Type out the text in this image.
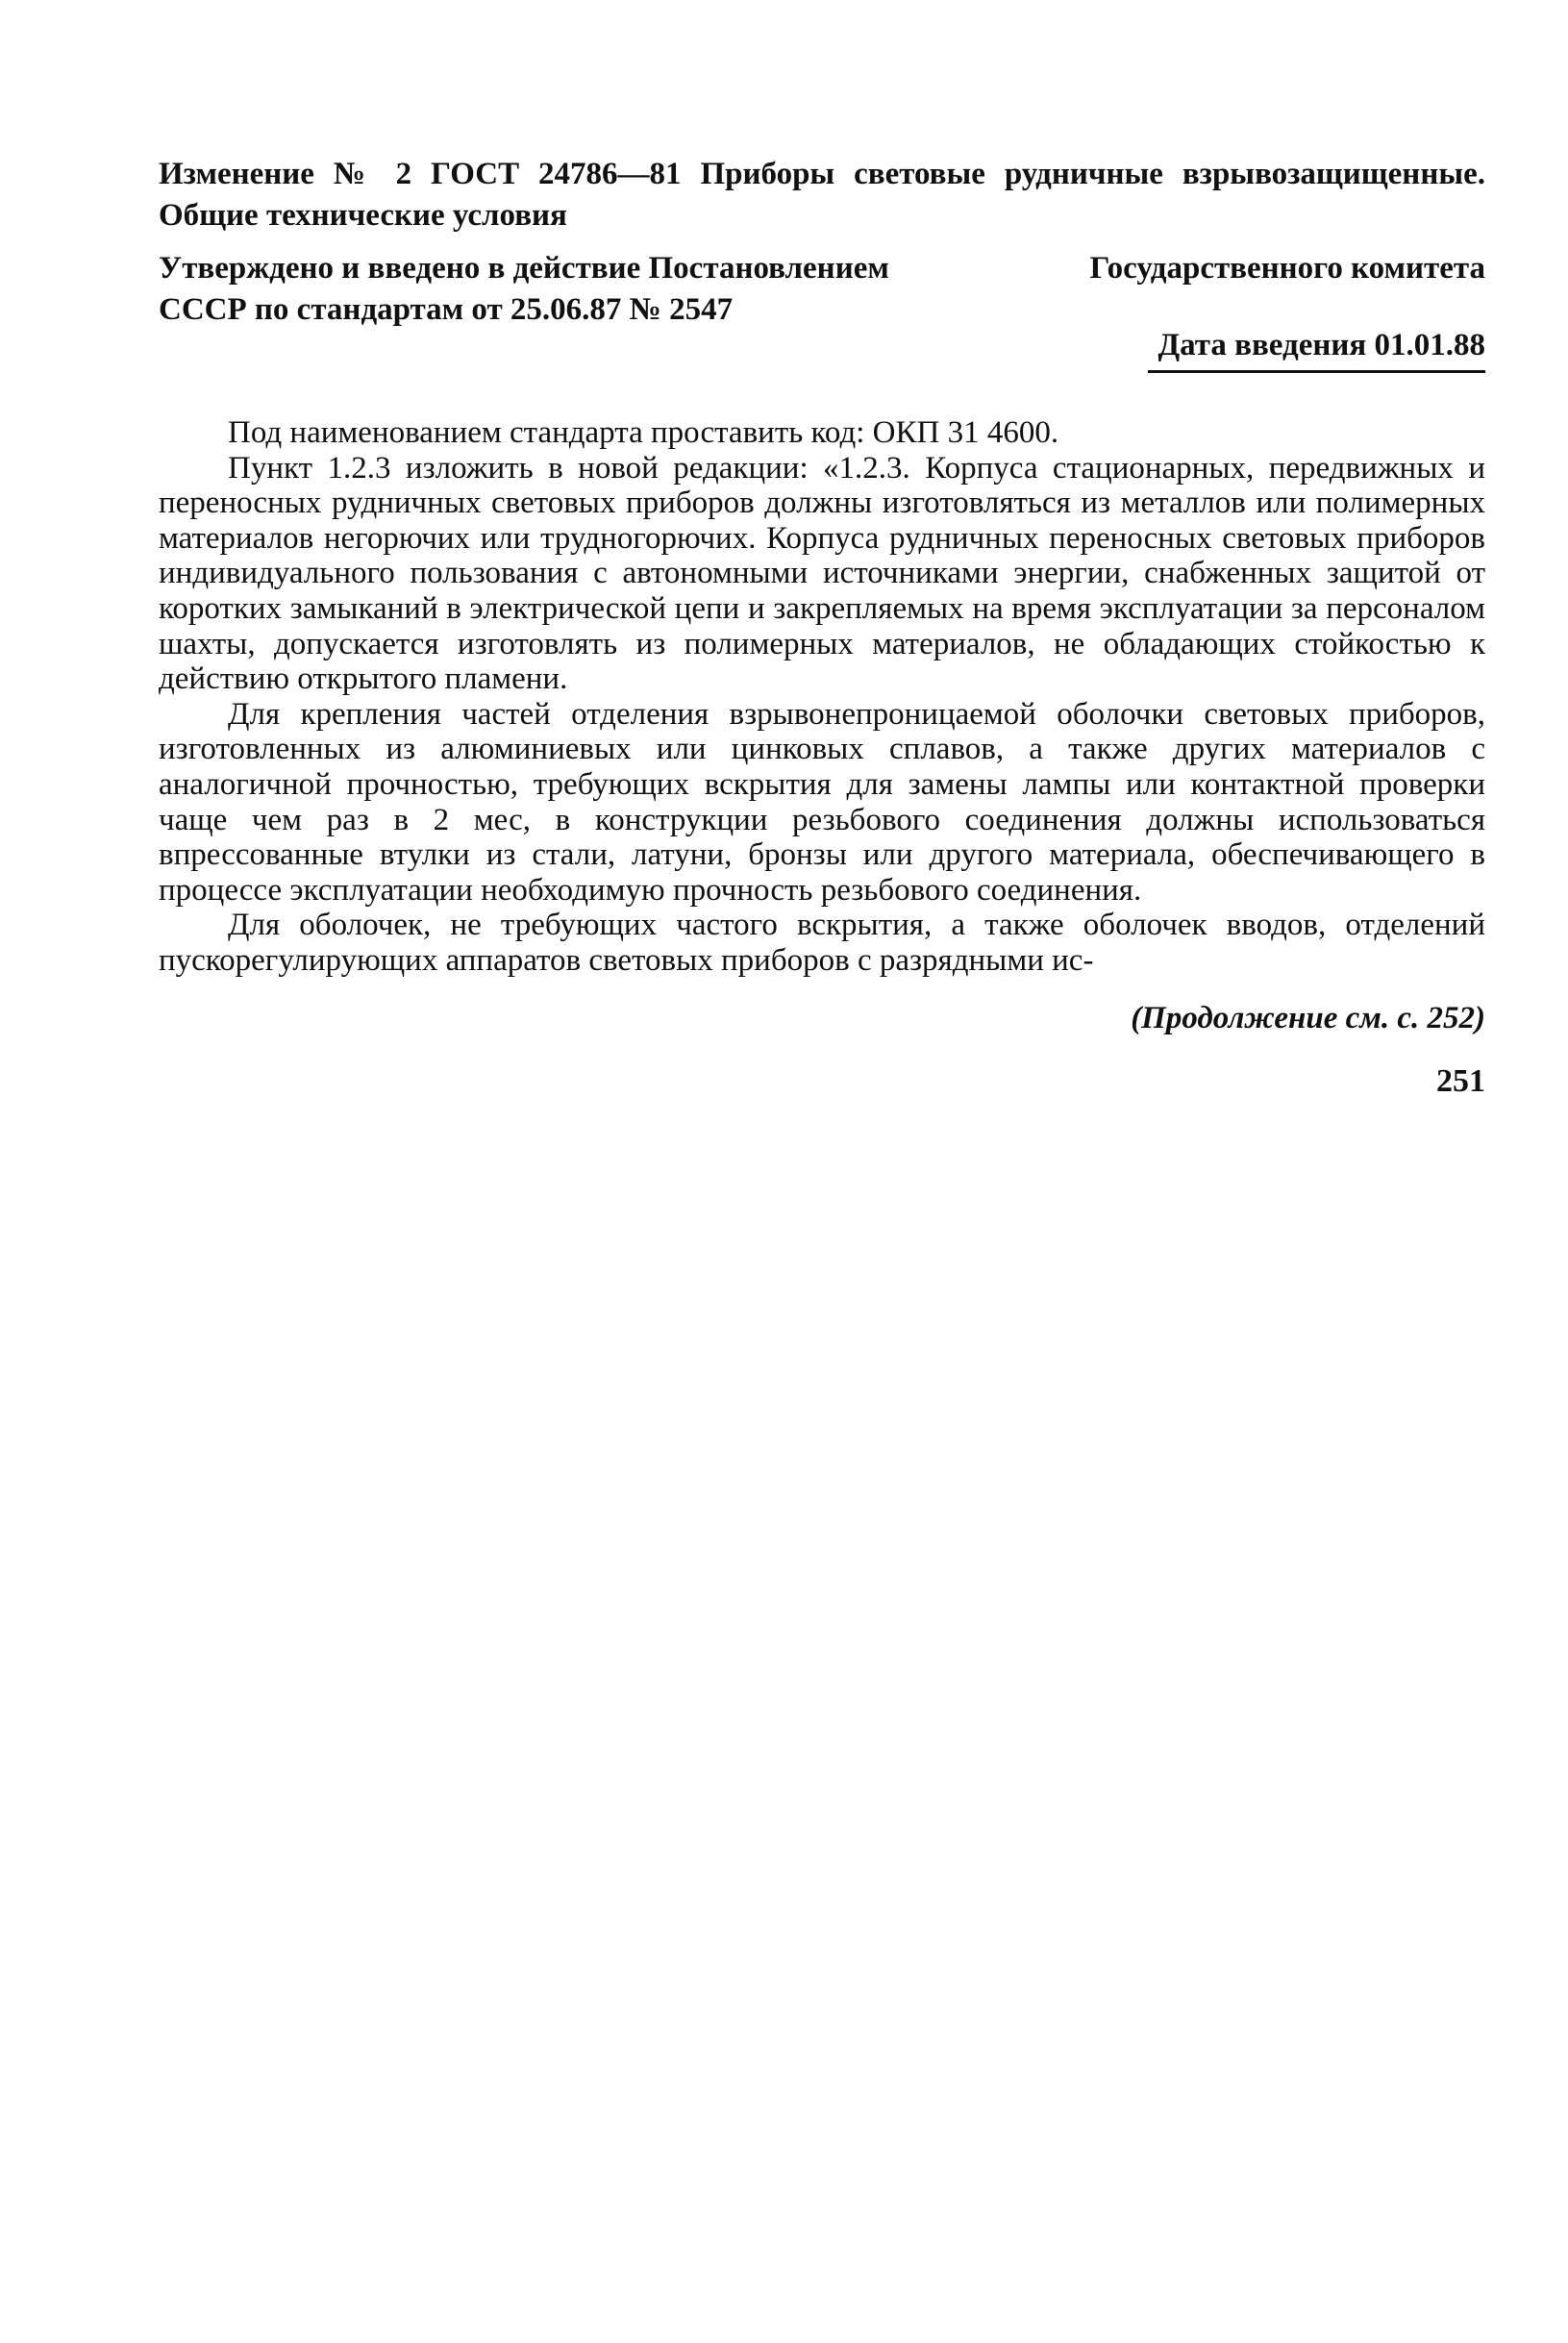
Изменение № 2 ГОСТ 24786—81 Приборы световые рудничные взрывозащищенные. Общие технические условия
Утверждено и введено в действие Постановлением	Государственного комитета
СССР по стандартам от 25.06.87 № 2547
Дата введения 01.01.88

Под наименованием стандарта проставить код: ОКП 31 4600.

Пункт 1.2.3 изложить в новой редакции: «1.2.3. Корпуса стационарных, передвижных и переносных рудничных световых приборов должны изготовляться из металлов или полимерных материалов негорючих или трудногорючих. Корпуса рудничных переносных световых приборов индивидуального пользования с автономными источниками энергии, снабженных защитой от коротких замыканий в электрической цепи и закрепляемых на время эксплуатации за персоналом шахты, допускается изготовлять из полимерных материалов, не обладающих стойкостью к действию открытого пламени.

Для крепления частей отделения взрывонепроницаемой оболочки световых приборов, изготовленных из алюминиевых или цинковых сплавов, а также других материалов с аналогичной прочностью, требующих вскрытия для замены лампы или контактной проверки чаще чем раз в 2 мес, в конструкции резьбового соединения должны использоваться впрессованные втулки из стали, латуни, бронзы или другого материала, обеспечивающего в процессе эксплуатации необходимую прочность резьбового соединения.

Для оболочек, не требующих частого вскрытия, а также оболочек вводов, отделений пускорегулирующих аппаратов световых приборов с разрядными ис-

(Продолжение см. с. 252)
251
